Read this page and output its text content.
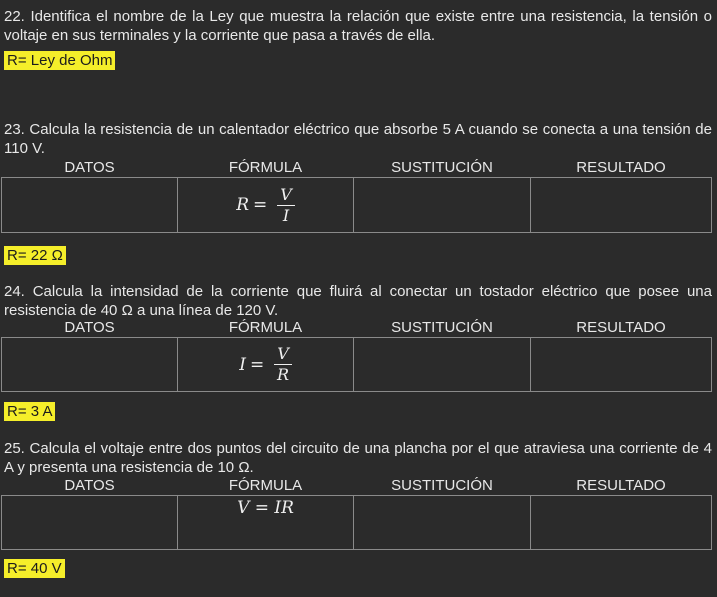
22. Identifica el nombre de la Ley que muestra la relación que existe entre una resistencia, la tensión o voltaje en sus terminales y la corriente que pasa a través de ella.

R= Ley de Ohm

23. Calcula la resistencia de un calentador eléctrico que absorbe 5 A cuando se conecta a una tensión de 110 V.

DATOS	FÓRMULA	SUSTITUCIÓN	RESULTADO

	$R = \frac{V}{I}$

R= 22 Ω

24. Calcula la intensidad de la corriente que fluirá al conectar un tostador eléctrico que posee una resistencia de 40 Ω a una línea de 120 V.

DATOS	FÓRMULA	SUSTITUCIÓN	RESULTADO

	$I = \frac{V}{R}$

R= 3 A

25. Calcula el voltaje entre dos puntos del circuito de una plancha por el que atraviesa una corriente de 4 A y presenta una resistencia de 10 Ω.

DATOS	FÓRMULA	SUSTITUCIÓN	RESULTADO
	V = IR		
R= 40 V
